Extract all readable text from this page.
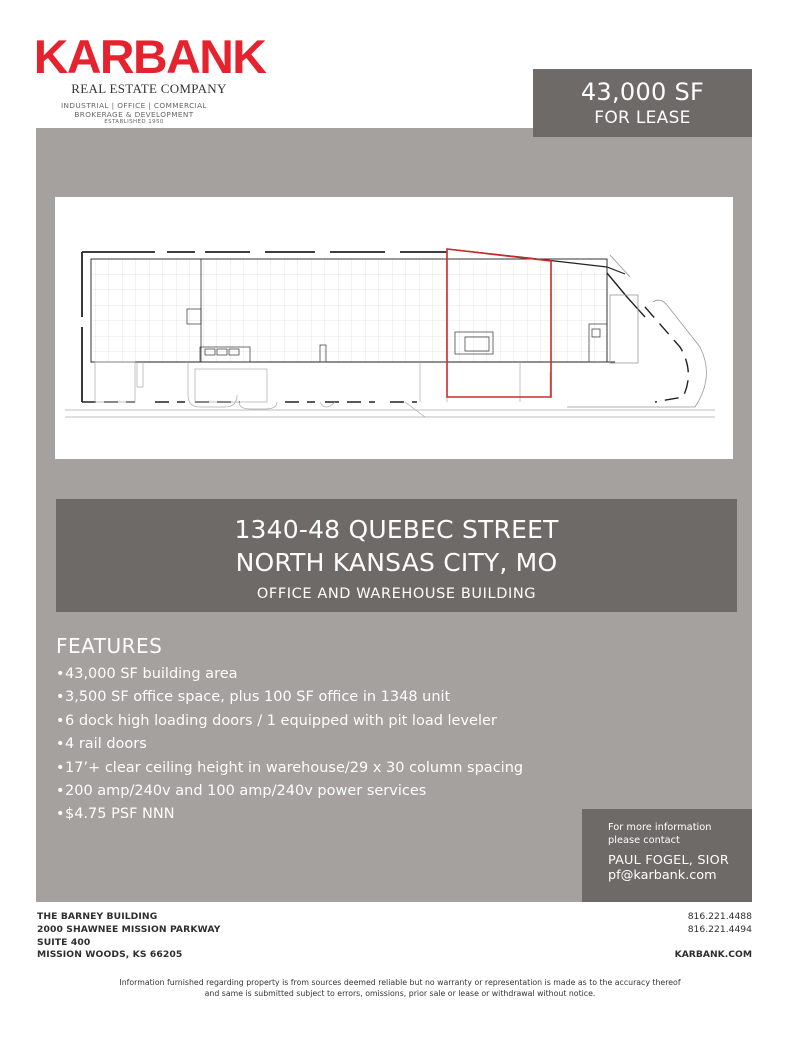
KARBANK
REAL ESTATE COMPANY
INDUSTRIAL | OFFICE | COMMERCIAL
BROKERAGE & DEVELOPMENT
ESTABLISHED 1950
43,000 SF
FOR LEASE
1340-48 QUEBEC STREET
NORTH KANSAS CITY, MO
OFFICE AND WAREHOUSE BUILDING
FEATURES
•43,000 SF building area
•3,500 SF office space, plus 100 SF office in 1348 unit
•6 dock high loading doors / 1 equipped with pit load leveler
•4 rail doors
•17’+ clear ceiling height in warehouse/29 x 30 column spacing
•200 amp/240v and 100 amp/240v power services
•$4.75 PSF NNN
For more information
please contact
PAUL FOGEL, SIOR
pf@karbank.com
THE BARNEY BUILDING
2000 SHAWNEE MISSION PARKWAY
SUITE 400
MISSION WOODS, KS 66205
816.221.4488
816.221.4494
KARBANK.COM
Information furnished regarding property is from sources deemed reliable but no warranty or representation is made as to the accuracy thereof
and same is submitted subject to errors, omissions, prior sale or lease or withdrawal without notice.
